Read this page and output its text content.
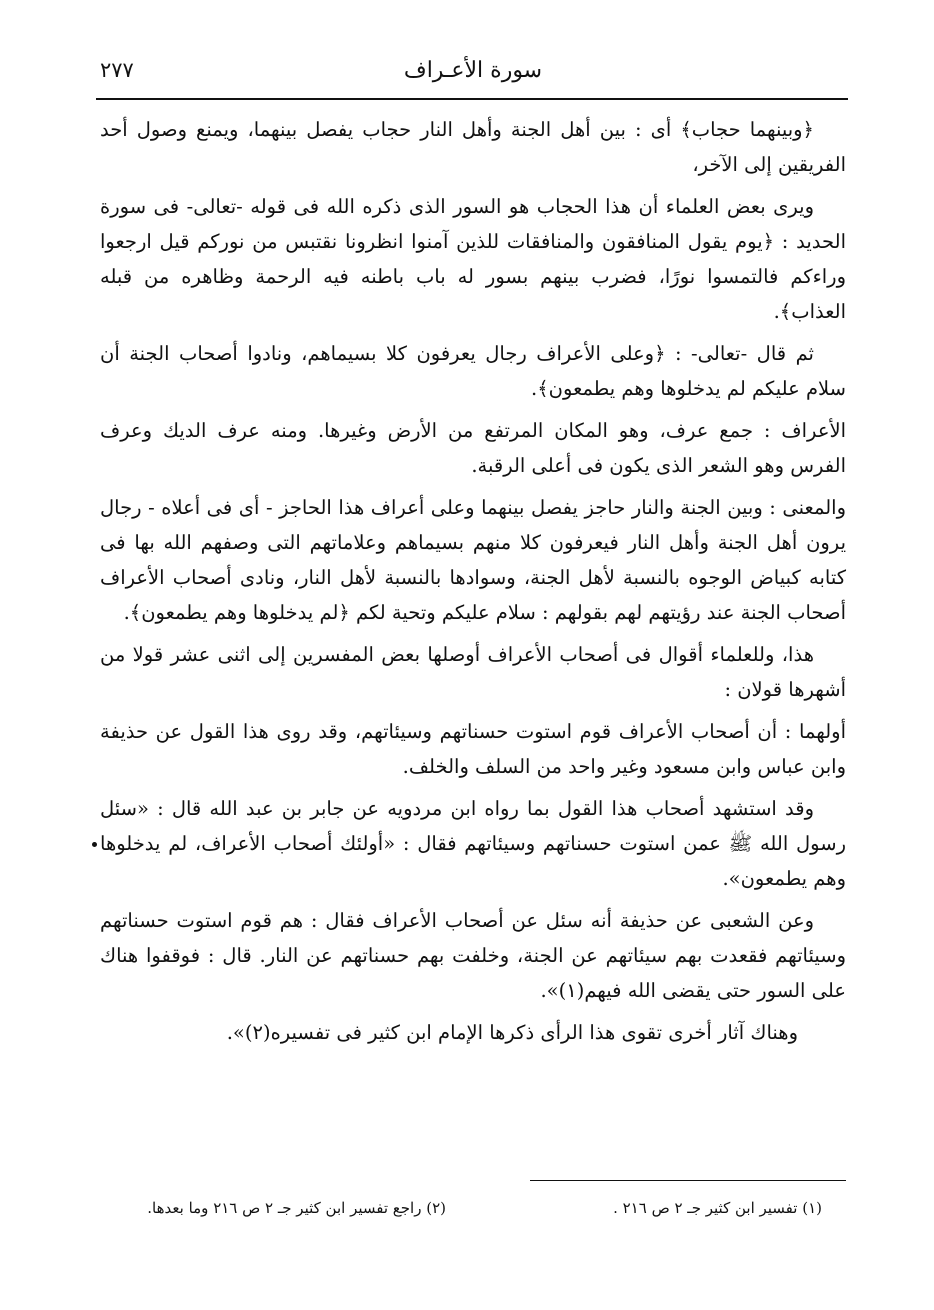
٢٧٧	سورة الأعـراف

﴿وبينهما حجاب﴾ أى : بين أهل الجنة وأهل النار حجاب يفصل بينهما، ويمنع وصول أحد الفريقين إلى الآخر،

ويرى بعض العلماء أن هذا الحجاب هو السور الذى ذكره الله فى قوله -تعالى- فى سورة الحديد : ﴿يوم يقول المنافقون والمنافقات للذين آمنوا انظرونا نقتبس من نوركم قيل ارجعوا وراءكم فالتمسوا نورًا، فضرب بينهم بسور له باب باطنه فيه الرحمة وظاهره من قبله العذاب﴾.

ثم قال -تعالى- : ﴿وعلى الأعراف رجال يعرفون كلا بسيماهم، ونادوا أصحاب الجنة أن سلام عليكم لم يدخلوها وهم يطمعون﴾.

الأعراف : جمع عرف، وهو المكان المرتفع من الأرض وغيرها. ومنه عرف الديك وعرف الفرس وهو الشعر الذى يكون فى أعلى الرقبة.

والمعنى : وبين الجنة والنار حاجز يفصل بينهما وعلى أعراف هذا الحاجز - أى فى أعلاه - رجال يرون أهل الجنة وأهل النار فيعرفون كلا منهم بسيماهم وعلاماتهم التى وصفهم الله بها فى كتابه كبياض الوجوه بالنسبة لأهل الجنة، وسوادها بالنسبة لأهل النار، ونادى أصحاب الأعراف أصحاب الجنة عند رؤيتهم لهم بقولهم : سلام عليكم وتحية لكم ﴿لم يدخلوها وهم يطمعون﴾.

هذا، وللعلماء أقوال فى أصحاب الأعراف أوصلها بعض المفسرين إلى اثنى عشر قولا من أشهرها قولان :

أولهما : أن أصحاب الأعراف قوم استوت حسناتهم وسيئاتهم، وقد روى هذا القول عن حذيفة وابن عباس وابن مسعود وغير واحد من السلف والخلف.

وقد استشهد أصحاب هذا القول بما رواه ابن مردويه عن جابر بن عبد الله قال : «سئل رسول الله ﷺ عمن استوت حسناتهم وسيئاتهم فقال : «أولئك أصحاب الأعراف، لم يدخلوها وهم يطمعون».

وعن الشعبى عن حذيفة أنه سئل عن أصحاب الأعراف فقال : هم قوم استوت حسناتهم وسيئاتهم فقعدت بهم سيئاتهم عن الجنة، وخلفت بهم حسناتهم عن النار. قال : فوقفوا هناك على السور حتى يقضى الله فيهم(١)».

وهناك آثار أخرى تقوى هذا الرأى ذكرها الإمام ابن كثير فى تفسيره(٢)».

(١) تفسير ابن كثير جـ ٢ ص ٢١٦ .
(٢) راجع تفسير ابن كثير جـ ٢ ص ٢١٦ وما بعدها.
